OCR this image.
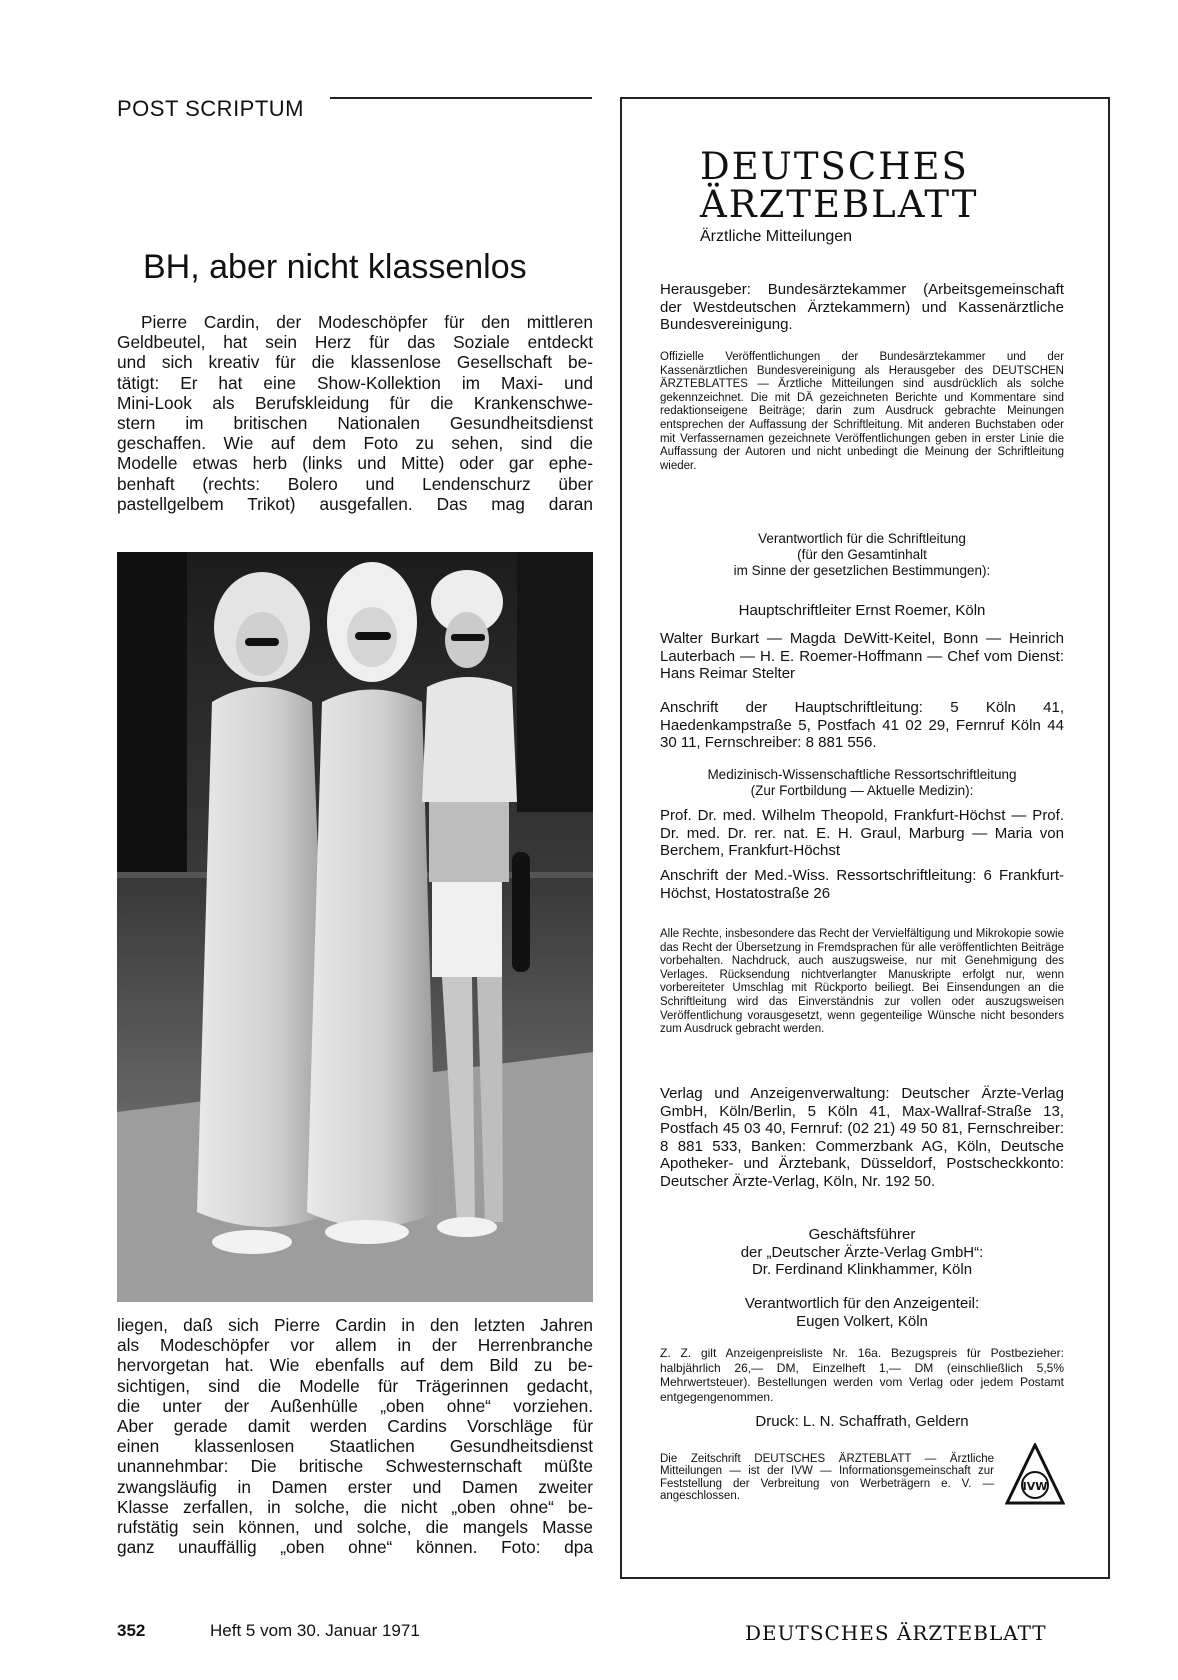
POST SCRIPTUM
BH, aber nicht klassenlos

Pierre Cardin, der Modeschöpfer für den mittleren

Geldbeutel, hat sein Herz für das Soziale entdeckt

und sich kreativ für die klassenlose Gesellschaft be-

tätigt: Er hat eine Show-Kollektion im Maxi- und

Mini-Look als Berufskleidung für die Krankenschwe-

stern im britischen Nationalen Gesundheitsdienst

geschaffen. Wie auf dem Foto zu sehen, sind die

Modelle etwas herb (links und Mitte) oder gar ephe-

benhaft (rechts: Bolero und Lendenschurz über

pastellgelbem Trikot) ausgefallen. Das mag daran

liegen, daß sich Pierre Cardin in den letzten Jahren

als Modeschöpfer vor allem in der Herrenbranche

hervorgetan hat. Wie ebenfalls auf dem Bild zu be-

sichtigen, sind die Modelle für Trägerinnen gedacht,

die unter der Außenhülle „oben ohne“ vorziehen.

Aber gerade damit werden Cardins Vorschläge für

einen klassenlosen Staatlichen Gesundheitsdienst

unannehmbar: Die britische Schwesternschaft müßte

zwangsläufig in Damen erster und Damen zweiter

Klasse zerfallen, in solche, die nicht „oben ohne“ be-

rufstätig sein können, und solche, die mangels Masse

ganz unauffällig „oben ohne“ können. Foto: dpa

DEUTSCHES
ÄRZTEBLATT
Ärztliche Mitteilungen
Herausgeber: Bundesärztekammer (Arbeitsgemeinschaft der Westdeutschen Ärztekammern) und Kassenärztliche Bundesvereinigung.
Offizielle Veröffentlichungen der Bundesärztekammer und der Kassenärztlichen Bundesvereinigung als Herausgeber des DEUTSCHEN ÄRZTEBLATTES — Ärztliche Mitteilungen sind ausdrücklich als solche gekennzeichnet. Die mit DÄ gezeichneten Berichte und Kommentare sind redaktionseigene Beiträge; darin zum Ausdruck gebrachte Meinungen entsprechen der Auffassung der Schriftleitung. Mit anderen Buchstaben oder mit Verfassernamen gezeichnete Veröffentlichungen geben in erster Linie die Auffassung der Autoren und nicht unbedingt die Meinung der Schriftleitung wieder.
Verantwortlich für die Schriftleitung
(für den Gesamtinhalt
im Sinne der gesetzlichen Bestimmungen):
Hauptschriftleiter Ernst Roemer, Köln
Walter Burkart — Magda DeWitt-Keitel, Bonn — Heinrich Lauterbach — H. E. Roemer-Hoffmann — Chef vom Dienst: Hans Reimar Stelter
Anschrift der Hauptschriftleitung: 5 Köln 41, Haedenkampstraße 5, Postfach 41 02 29, Fernruf Köln 44 30 11, Fernschreiber: 8 881 556.
Medizinisch-Wissenschaftliche Ressortschriftleitung
(Zur Fortbildung — Aktuelle Medizin):
Prof. Dr. med. Wilhelm Theopold, Frankfurt-Höchst — Prof. Dr. med. Dr. rer. nat. E. H. Graul, Marburg — Maria von Berchem, Frankfurt-Höchst
Anschrift der Med.-Wiss. Ressortschriftleitung: 6 Frankfurt-Höchst, Hostatostraße 26
Alle Rechte, insbesondere das Recht der Vervielfältigung und Mikrokopie sowie das Recht der Übersetzung in Fremdsprachen für alle veröffentlichten Beiträge vorbehalten. Nachdruck, auch auszugsweise, nur mit Genehmigung des Verlages. Rücksendung nichtverlangter Manuskripte erfolgt nur, wenn vorbereiteter Umschlag mit Rückporto beiliegt. Bei Einsendungen an die Schriftleitung wird das Einverständnis zur vollen oder auszugsweisen Veröffentlichung vorausgesetzt, wenn gegenteilige Wünsche nicht besonders zum Ausdruck gebracht werden.
Verlag und Anzeigenverwaltung: Deutscher Ärzte-Verlag GmbH, Köln/Berlin, 5 Köln 41, Max-Wallraf-Straße 13, Postfach 45 03 40, Fernruf: (02 21) 49 50 81, Fernschreiber: 8 881 533, Banken: Commerzbank AG, Köln, Deutsche Apotheker- und Ärztebank, Düsseldorf, Postscheckkonto: Deutscher Ärzte-Verlag, Köln, Nr. 192 50.
Geschäftsführer
der „Deutscher Ärzte-Verlag GmbH“:
Dr. Ferdinand Klinkhammer, Köln
Verantwortlich für den Anzeigenteil:
Eugen Volkert, Köln
Z. Z. gilt Anzeigenpreisliste Nr. 16a. Bezugspreis für Postbezieher: halbjährlich 26,— DM, Einzelheft 1,— DM (einschließlich 5,5% Mehrwertsteuer). Bestellungen werden vom Verlag oder jedem Postamt entgegengenommen.
Druck: L. N. Schaffrath, Geldern
Die Zeitschrift DEUTSCHES ÄRZTEBLATT — Ärztliche Mitteilungen — ist der IVW — Informationsgemeinschaft zur Feststellung der Verbreitung von Werbeträgern e. V. — angeschlossen.
IVW
352	Heft 5 vom 30. Januar 1971	DEUTSCHES ÄRZTEBLATT
